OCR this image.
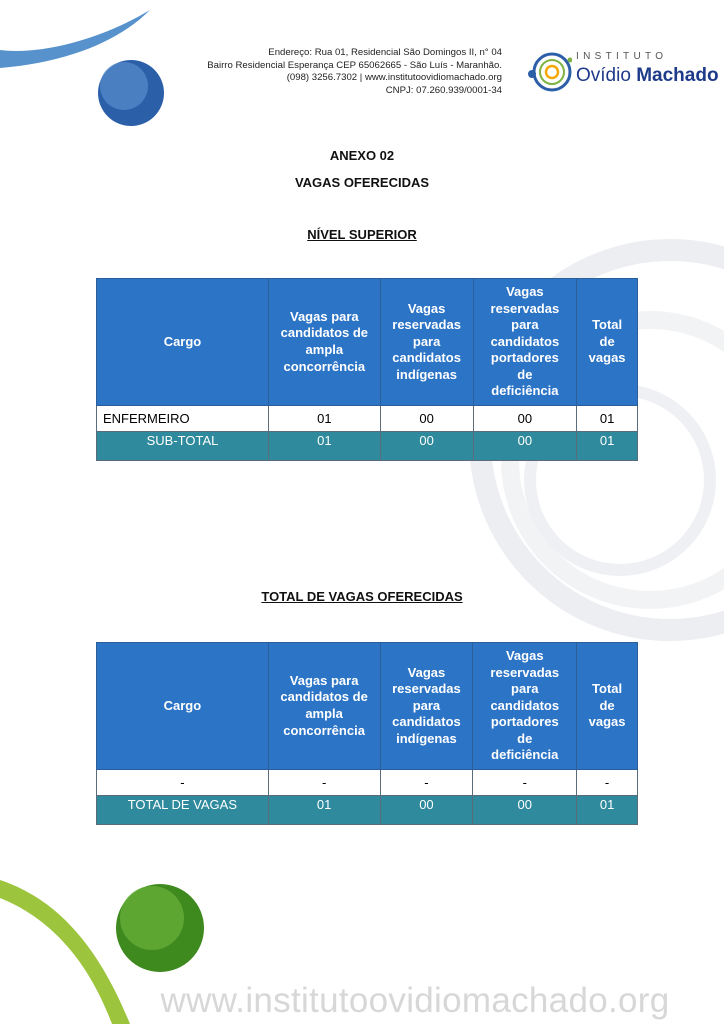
Endereço: Rua 01, Residencial São Domingos II, n° 04
Bairro Residencial Esperança CEP 65062665 - São Luís - Maranhão.
(098) 3256.7302 | www.institutoovidiomachado.org
CNPJ: 07.260.939/0001-34
INSTITUTO
Ovídio Machado
ANEXO 02
VAGAS OFERECIDAS
NÍVEL SUPERIOR
Cargo	Vagas para candidatos de ampla concorrência	Vagas reservadas para candidatos indígenas	Vagas reservadas para candidatos portadores de deficiência	Total de vagas

ENFERMEIRO	01	00	00	01
SUB-TOTAL	01	00	00	01
TOTAL DE VAGAS OFERECIDAS
Cargo	Vagas para candidatos de ampla concorrência	Vagas reservadas para candidatos indígenas	Vagas reservadas para candidatos portadores de deficiência	Total de vagas

-	-	-	-	-
TOTAL DE VAGAS	01	00	00	01
www.institutoovidiomachado.org
